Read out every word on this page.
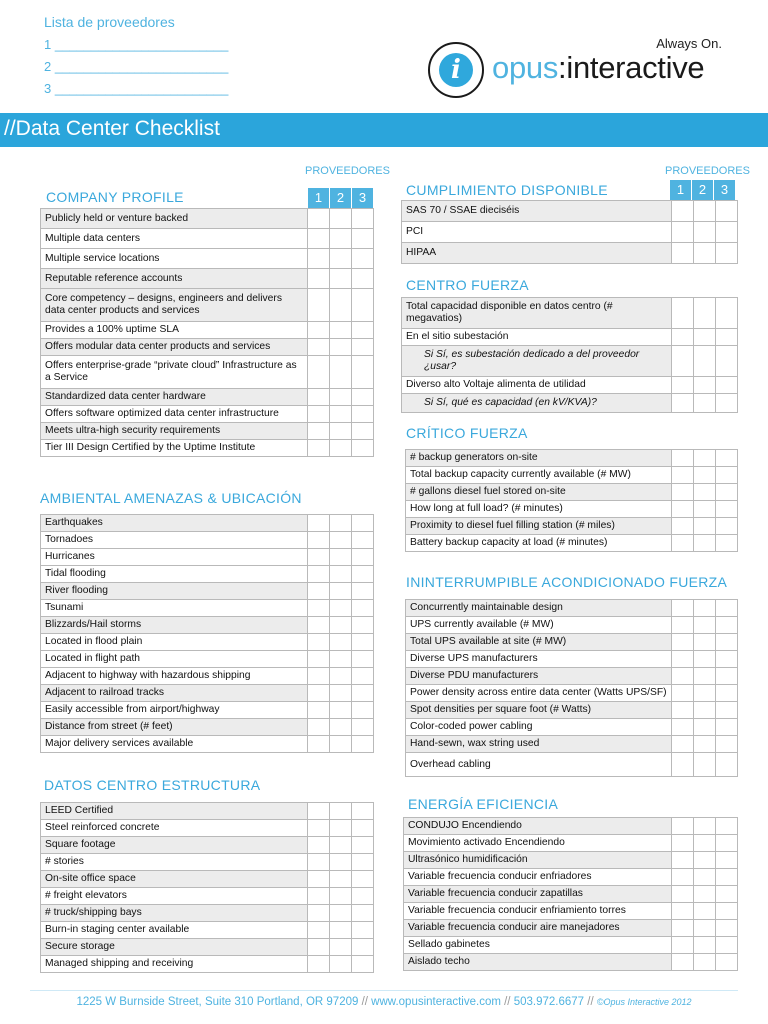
Lista de proveedores
1 ________________________
2 ________________________
3 ________________________
Always On.
i	opus:interactive
//Data Center Checklist
PROVEEDORES	PROVEEDORES
COMPANY PROFILE	1	2	3
Publicly held or venture backed			
Multiple data centers			
Multiple service locations			
Reputable reference accounts			
Core competency – designs, engineers and delivers data center products and services			
Provides a 100% uptime SLA			
Offers modular data center products and services			
Offers enterprise-grade “private cloud” Infrastructure as a Service			
Standardized data center hardware			
Offers software optimized data center infrastructure			
Meets ultra-high security requirements			
Tier III Design Certified by the Uptime Institute			
AMBIENTAL AMENAZAS & UBICACIÓN
Earthquakes			
Tornadoes			
Hurricanes			
Tidal flooding			
River flooding			
Tsunami			
Blizzards/Hail storms			
Located in flood plain			
Located in flight path			
Adjacent to highway with hazardous shipping			
Adjacent to railroad tracks			
Easily accessible from airport/highway			
Distance from street (# feet)			
Major delivery services available			
DATOS CENTRO ESTRUCTURA
LEED Certified			
Steel reinforced concrete			
Square footage			
# stories			
On-site office space			
# freight elevators			
# truck/shipping bays			
Burn-in staging center available			
Secure storage			
Managed shipping and receiving			
CUMPLIMIENTO DISPONIBLE	1	2	3
SAS 70 / SSAE dieciséis			
PCI			
HIPAA			
CENTRO FUERZA
Total capacidad disponible en datos centro (# megavatios)			
En el sitio subestación			
Si Sí, es subestación dedicado a del proveedor ¿usar?			
Diverso alto Voltaje alimenta de utilidad			
Si Sí, qué es capacidad (en kV/KVA)?			
CRÍTICO FUERZA
# backup generators on-site			
Total backup capacity currently available (# MW)			
# gallons diesel fuel stored on-site			
How long at full load? (# minutes)			
Proximity to diesel fuel filling station (# miles)			
Battery backup capacity at load (# minutes)			
ININTERRUMPIBLE ACONDICIONADO FUERZA
Concurrently maintainable design			
UPS currently available (# MW)			
Total UPS available at site (# MW)			
Diverse UPS manufacturers			
Diverse PDU manufacturers			
Power density across entire data center (Watts UPS/SF)			
Spot densities per square foot (# Watts)			
Color-coded power cabling			
Hand-sewn, wax string used			
Overhead cabling			
ENERGÍA EFICIENCIA
CONDUJO Encendiendo			
Movimiento activado Encendiendo			
Ultrasónico humidificación			
Variable frecuencia conducir enfriadores			
Variable frecuencia conducir zapatillas			
Variable frecuencia conducir enfriamiento torres			
Variable frecuencia conducir aire manejadores			
Sellado gabinetes			
Aislado techo			
1225 W Burnside Street, Suite 310 Portland, OR 97209 // www.opusinteractive.com // 503.972.6677 // ©Opus Interactive 2012
